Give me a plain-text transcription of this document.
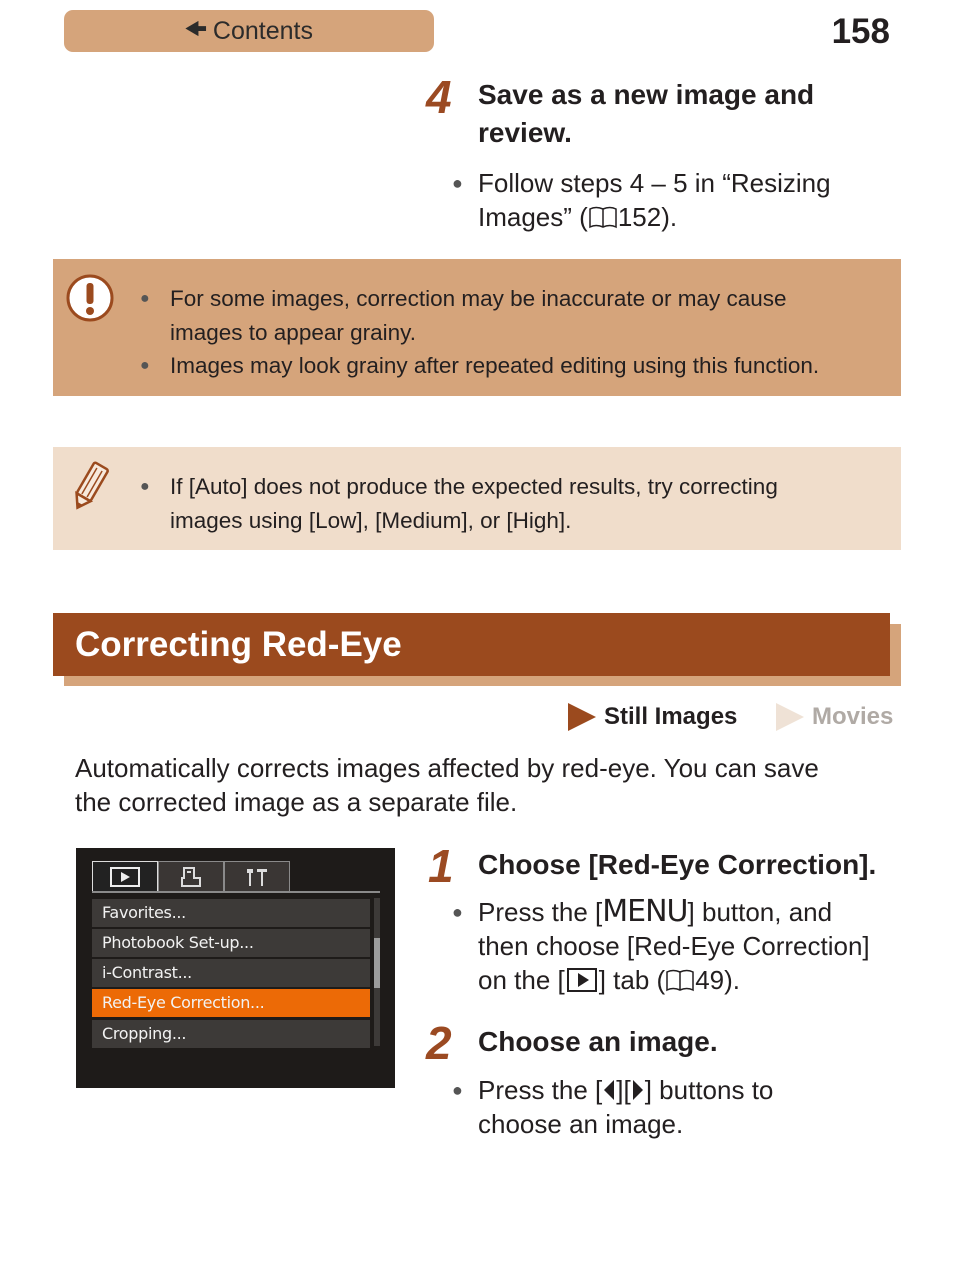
🠜 Contents	158
4 Save as a new image and
review.
● Follow steps 4 – 5 in “Resizing
Images” ( 152).
● For some images, correction may be inaccurate or may cause
images to appear grainy.
● Images may look grainy after repeated editing using this function.
● If [Auto] does not produce the expected results, try correcting
images using [Low], [Medium], or [High].
Correcting Red-Eye
Still Images	Movies
Automatically corrects images affected by red-eye. You can save
the corrected image as a separate file.
Favorites...
Photobook Set-up...
i-Contrast...
Red-Eye Correction...
Cropping...
1 Choose [Red-Eye Correction].
● Press the [MENU] button, and
then choose [Red-Eye Correction]
on the [ ] tab ( 49).
2 Choose an image.
● Press the [ ][ ] buttons to
choose an image.
